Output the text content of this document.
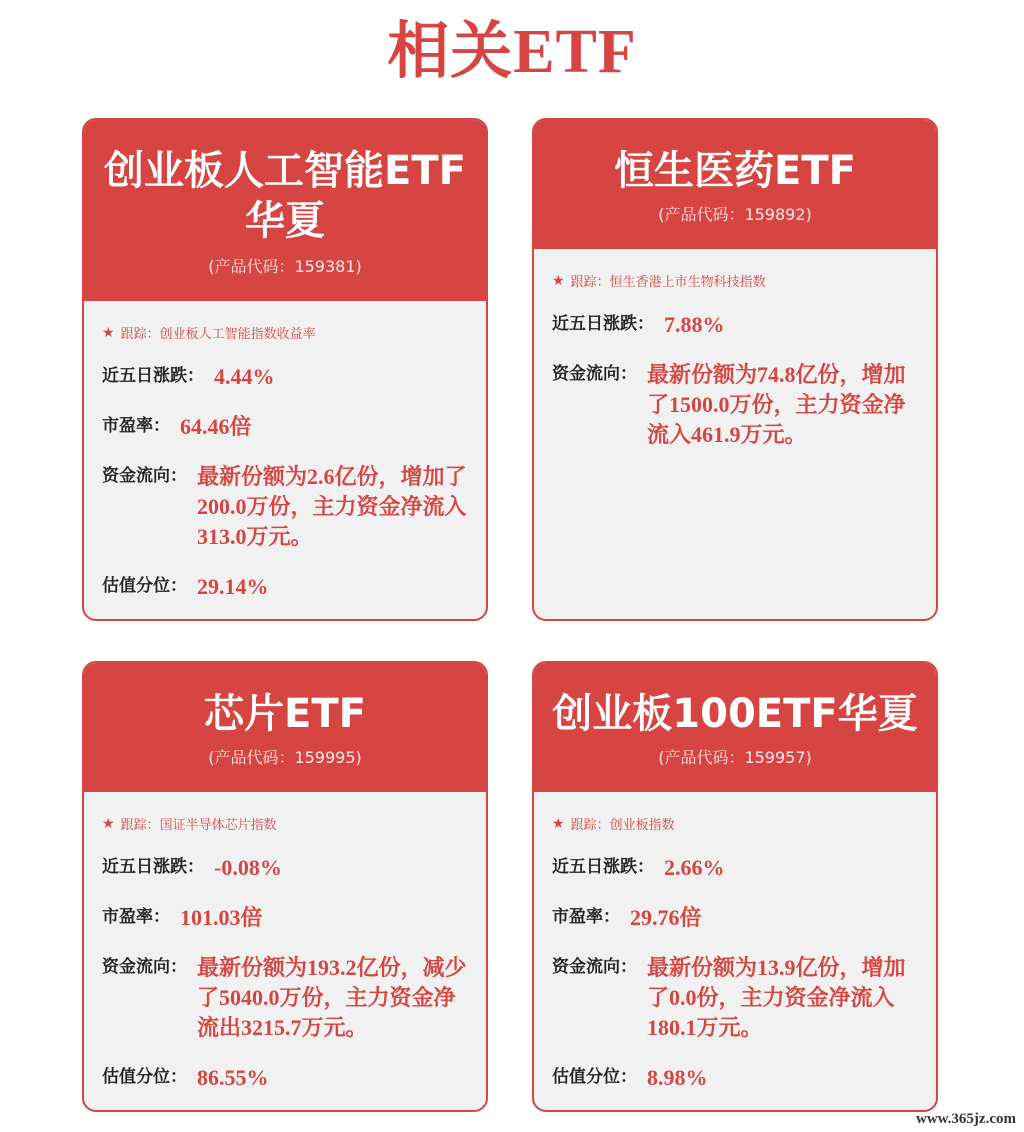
相关ETF
创业板人工智能ETF华夏
(产品代码：159381)
★ 跟踪： 创业板人工智能指数收益率
近五日涨跌： 4.44%
市盈率： 64.46倍
资金流向： 最新份额为2.6亿份，增加了200.0万份，主力资金净流入313.0万元。
估值分位： 29.14%
恒生医药ETF
(产品代码：159892)
★ 跟踪： 恒生香港上市生物科技指数
近五日涨跌： 7.88%
资金流向： 最新份额为74.8亿份，增加了1500.0万份，主力资金净流入461.9万元。
芯片ETF
(产品代码：159995)
★ 跟踪： 国证半导体芯片指数
近五日涨跌： -0.08%
市盈率： 101.03倍
资金流向： 最新份额为193.2亿份，减少了5040.0万份，主力资金净流出3215.7万元。
估值分位： 86.55%
创业板100ETF华夏
(产品代码：159957)
★ 跟踪： 创业板指数
近五日涨跌： 2.66%
市盈率： 29.76倍
资金流向： 最新份额为13.9亿份，增加了0.0份，主力资金净流入180.1万元。
估值分位： 8.98%
www.365jz.com
